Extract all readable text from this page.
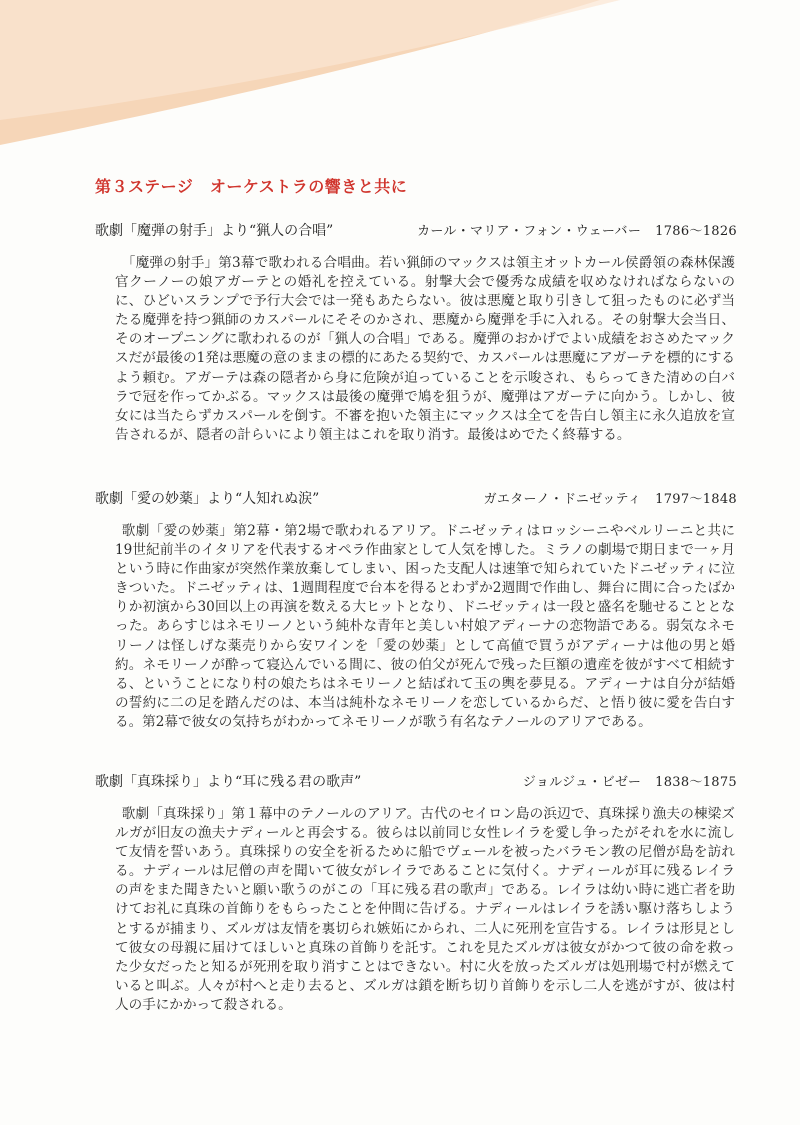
第３ステージ　オーケストラの響きと共に
歌劇「魔弾の射手」より“猟人の合唱”	カール・マリア・フォン・ウェーバー 1786〜1826

「魔弾の射手」第3幕で歌われる合唱曲。若い猟師のマックスは領主オットカール侯爵領の森林保護官クーノーの娘アガーテとの婚礼を控えている。射撃大会で優秀な成績を収めなければならないのに、ひどいスランプで予行大会では一発もあたらない。彼は悪魔と取り引きして狙ったものに必ず当たる魔弾を持つ猟師のカスパールにそそのかされ、悪魔から魔弾を手に入れる。その射撃大会当日、そのオープニングに歌われるのが「猟人の合唱」である。魔弾のおかげでよい成績をおさめたマックスだが最後の1発は悪魔の意のままの標的にあたる契約で、カスパールは悪魔にアガーテを標的にするよう頼む。アガーテは森の隠者から身に危険が迫っていることを示唆され、もらってきた清めの白バラで冠を作ってかぶる。マックスは最後の魔弾で鳩を狙うが、魔弾はアガーテに向かう。しかし、彼女には当たらずカスパールを倒す。不審を抱いた領主にマックスは全てを告白し領主に永久追放を宣告されるが、隠者の計らいにより領主はこれを取り消す。最後はめでたく終幕する。

歌劇「愛の妙薬」より“人知れぬ涙”	ガエターノ・ドニゼッティ 1797〜1848

歌劇「愛の妙薬」第2幕・第2場で歌われるアリア。ドニゼッティはロッシーニやベルリーニと共に19世紀前半のイタリアを代表するオペラ作曲家として人気を博した。ミラノの劇場で期日まで一ヶ月という時に作曲家が突然作業放棄してしまい、困った支配人は速筆で知られていたドニゼッティに泣きついた。ドニゼッティは、1週間程度で台本を得るとわずか2週間で作曲し、舞台に間に合ったばかりか初演から30回以上の再演を数える大ヒットとなり、ドニゼッティは一段と盛名を馳せることとなった。あらすじはネモリーノという純朴な青年と美しい村娘アディーナの恋物語である。弱気なネモリーノは怪しげな薬売りから安ワインを「愛の妙薬」として高値で買うがアディーナは他の男と婚約。ネモリーノが酔って寝込んでいる間に、彼の伯父が死んで残った巨額の遺産を彼がすべて相続する、ということになり村の娘たちはネモリーノと結ばれて玉の輿を夢見る。アディーナは自分が結婚の誓約に二の足を踏んだのは、本当は純朴なネモリーノを恋しているからだ、と悟り彼に愛を告白する。第2幕で彼女の気持ちがわかってネモリーノが歌う有名なテノールのアリアである。

歌劇「真珠採り」より“耳に残る君の歌声”	ジョルジュ・ビゼー 1838〜1875

歌劇「真珠採り」第１幕中のテノールのアリア。古代のセイロン島の浜辺で、真珠採り漁夫の棟梁ズルガが旧友の漁夫ナディールと再会する。彼らは以前同じ女性レイラを愛し争ったがそれを水に流して友情を誓いあう。真珠採りの安全を祈るために船でヴェールを被ったバラモン教の尼僧が島を訪れる。ナディールは尼僧の声を聞いて彼女がレイラであることに気付く。ナディールが耳に残るレイラの声をまた聞きたいと願い歌うのがこの「耳に残る君の歌声」である。レイラは幼い時に逃亡者を助けてお礼に真珠の首飾りをもらったことを仲間に告げる。ナディールはレイラを誘い駆け落ちしようとするが捕まり、ズルガは友情を裏切られ嫉妬にかられ、二人に死刑を宣告する。レイラは形見として彼女の母親に届けてほしいと真珠の首飾りを託す。これを見たズルガは彼女がかつて彼の命を救った少女だったと知るが死刑を取り消すことはできない。村に火を放ったズルガは処刑場で村が燃えていると叫ぶ。人々が村へと走り去ると、ズルガは鎖を断ち切り首飾りを示し二人を逃がすが、彼は村人の手にかかって殺される。
